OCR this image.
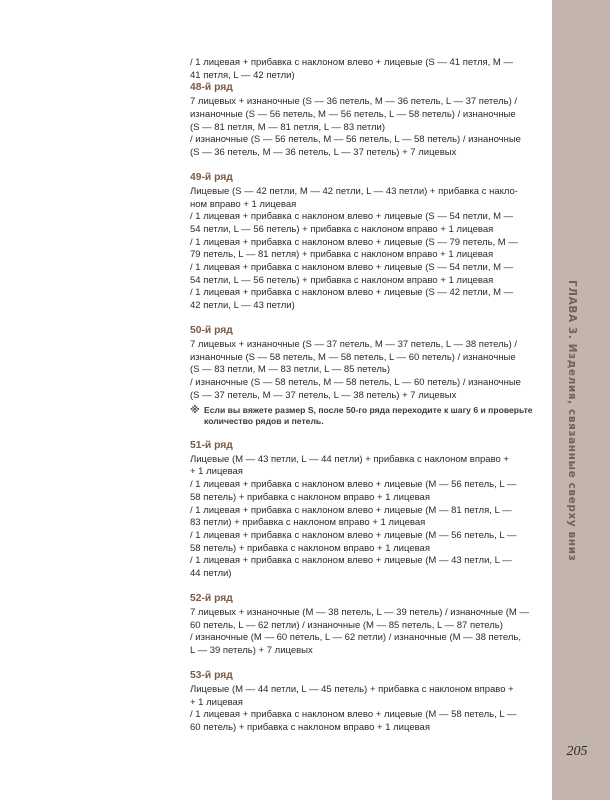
ГЛАВА 3. Изделия, связанные сверху вниз
205

/ 1 лицевая + прибавка с наклоном влево + лицевые (S — 41 петля, M —

41 петля, L — 42 петли)

48-й ряд

7 лицевых + изнаночные (S — 36 петель, M — 36 петель, L — 37 петель) /

изнаночные (S — 56 петель, M — 56 петель, L — 58 петель) / изнаночные

(S — 81 петля, M — 81 петля, L — 83 петли)

/ изнаночные (S — 56 петель, M — 56 петель, L — 58 петель) / изнаночные

(S — 36 петель, M — 36 петель, L — 37 петель) + 7 лицевых

49-й ряд

Лицевые (S — 42 петли, M — 42 петли, L — 43 петли) + прибавка с накло-

ном вправо + 1 лицевая

/ 1 лицевая + прибавка с наклоном влево + лицевые (S — 54 петли, M —

54 петли, L — 56 петель) + прибавка с наклоном вправо + 1 лицевая

/ 1 лицевая + прибавка с наклоном влево + лицевые (S — 79 петель, M —

79 петель, L — 81 петля) + прибавка с наклоном вправо + 1 лицевая

/ 1 лицевая + прибавка с наклоном влево + лицевые (S — 54 петли, M —

54 петли, L — 56 петель) + прибавка с наклоном вправо + 1 лицевая

/ 1 лицевая + прибавка с наклоном влево + лицевые (S — 42 петли, M —

42 петли, L — 43 петли)

50-й ряд

7 лицевых + изнаночные (S — 37 петель, M — 37 петель, L — 38 петель) /

изнаночные (S — 58 петель, M — 58 петель, L — 60 петель) / изнаночные

(S — 83 петли, M — 83 петли, L — 85 петель)

/ изнаночные (S — 58 петель, M — 58 петель, L — 60 петель) / изнаночные

(S — 37 петель, M — 37 петель, L — 38 петель) + 7 лицевых

※ Если вы вяжете размер S, после 50-го ряда переходите к шагу 6 и проверьте
количество рядов и петель.
51-й ряд

Лицевые (M — 43 петли, L — 44 петли) + прибавка с наклоном вправо +

+ 1 лицевая

/ 1 лицевая + прибавка с наклоном влево + лицевые (M — 56 петель, L —

58 петель) + прибавка с наклоном вправо + 1 лицевая

/ 1 лицевая + прибавка с наклоном влево + лицевые (M — 81 петля, L —

83 петли) + прибавка с наклоном вправо + 1 лицевая

/ 1 лицевая + прибавка с наклоном влево + лицевые (M — 56 петель, L —

58 петель) + прибавка с наклоном вправо + 1 лицевая

/ 1 лицевая + прибавка с наклоном влево + лицевые (M — 43 петли, L —

44 петли)

52-й ряд

7 лицевых + изнаночные (M — 38 петель, L — 39 петель) / изнаночные (M —

60 петель, L — 62 петли) / изнаночные (M — 85 петель, L — 87 петель)

/ изнаночные (M — 60 петель, L — 62 петли) / изнаночные (M — 38 петель,

L — 39 петель) + 7 лицевых

53-й ряд

Лицевые (M — 44 петли, L — 45 петель) + прибавка с наклоном вправо +

+ 1 лицевая

/ 1 лицевая + прибавка с наклоном влево + лицевые (M — 58 петель, L —

60 петель) + прибавка с наклоном вправо + 1 лицевая
